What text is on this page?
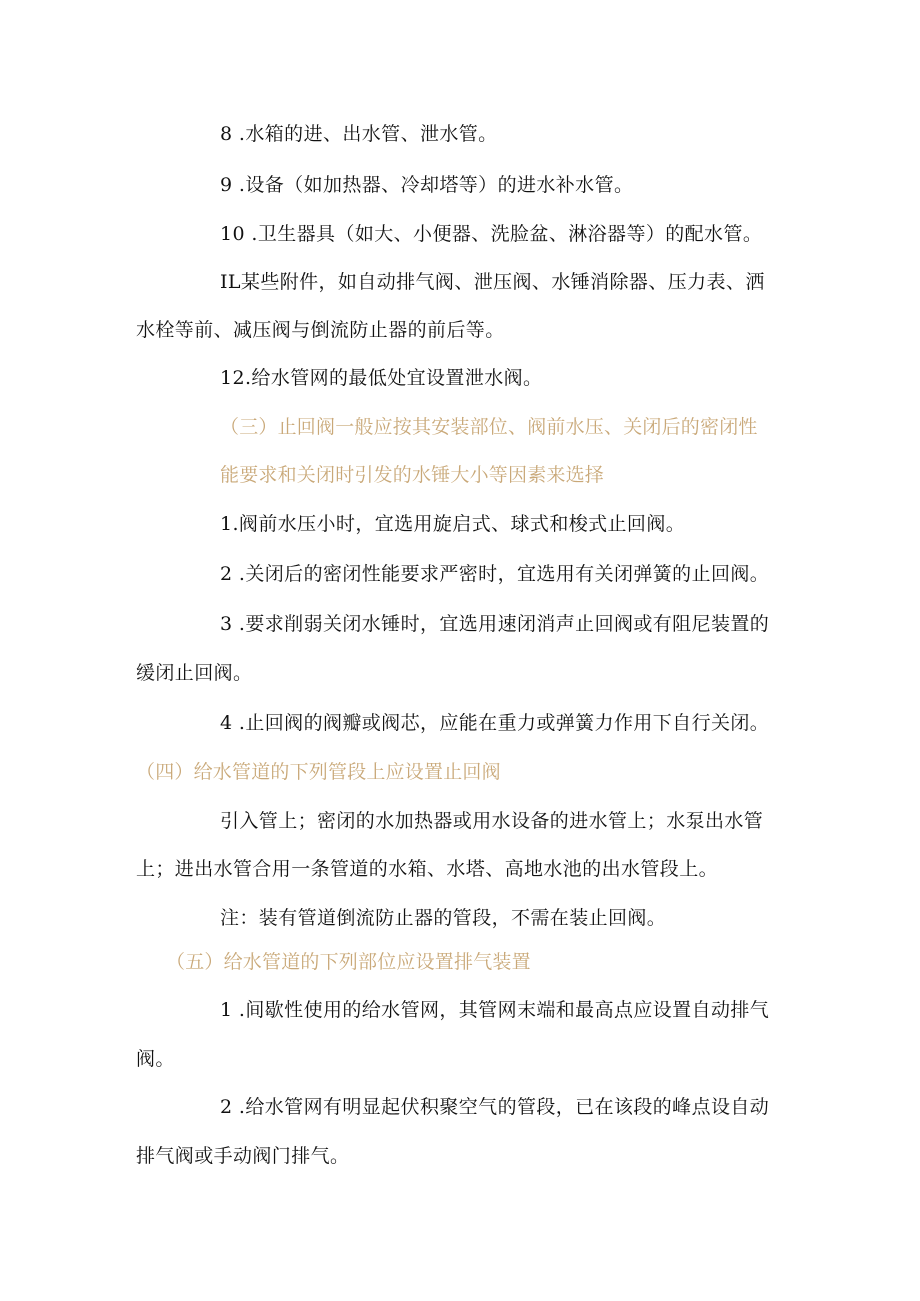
8 .水箱的进、出水管、泄水管。
9 .设备（如加热器、冷却塔等）的进水补水管。
10 .卫生器具（如大、小便器、洗脸盆、淋浴器等）的配水管。
IL某些附件，如自动排气阀、泄压阀、水锤消除器、压力表、洒
水栓等前、减压阀与倒流防止器的前后等。
12.给水管网的最低处宜设置泄水阀。
（三）止回阀一般应按其安装部位、阀前水压、关闭后的密闭性
能要求和关闭时引发的水锤大小等因素来选择
1.阀前水压小时，宜选用旋启式、球式和梭式止回阀。
2 .关闭后的密闭性能要求严密时，宜选用有关闭弹簧的止回阀。
3 .要求削弱关闭水锤时，宜选用速闭消声止回阀或有阻尼装置的
缓闭止回阀。
4 .止回阀的阀瓣或阀芯，应能在重力或弹簧力作用下自行关闭。
（四）给水管道的下列管段上应设置止回阀
引入管上；密闭的水加热器或用水设备的进水管上；水泵出水管
上；进出水管合用一条管道的水箱、水塔、高地水池的出水管段上。
注：装有管道倒流防止器的管段，不需在装止回阀。
（五）给水管道的下列部位应设置排气装置
1 .间歇性使用的给水管网，其管网末端和最高点应设置自动排气
阀。
2 .给水管网有明显起伏积聚空气的管段，已在该段的峰点设自动
排气阀或手动阀门排气。
